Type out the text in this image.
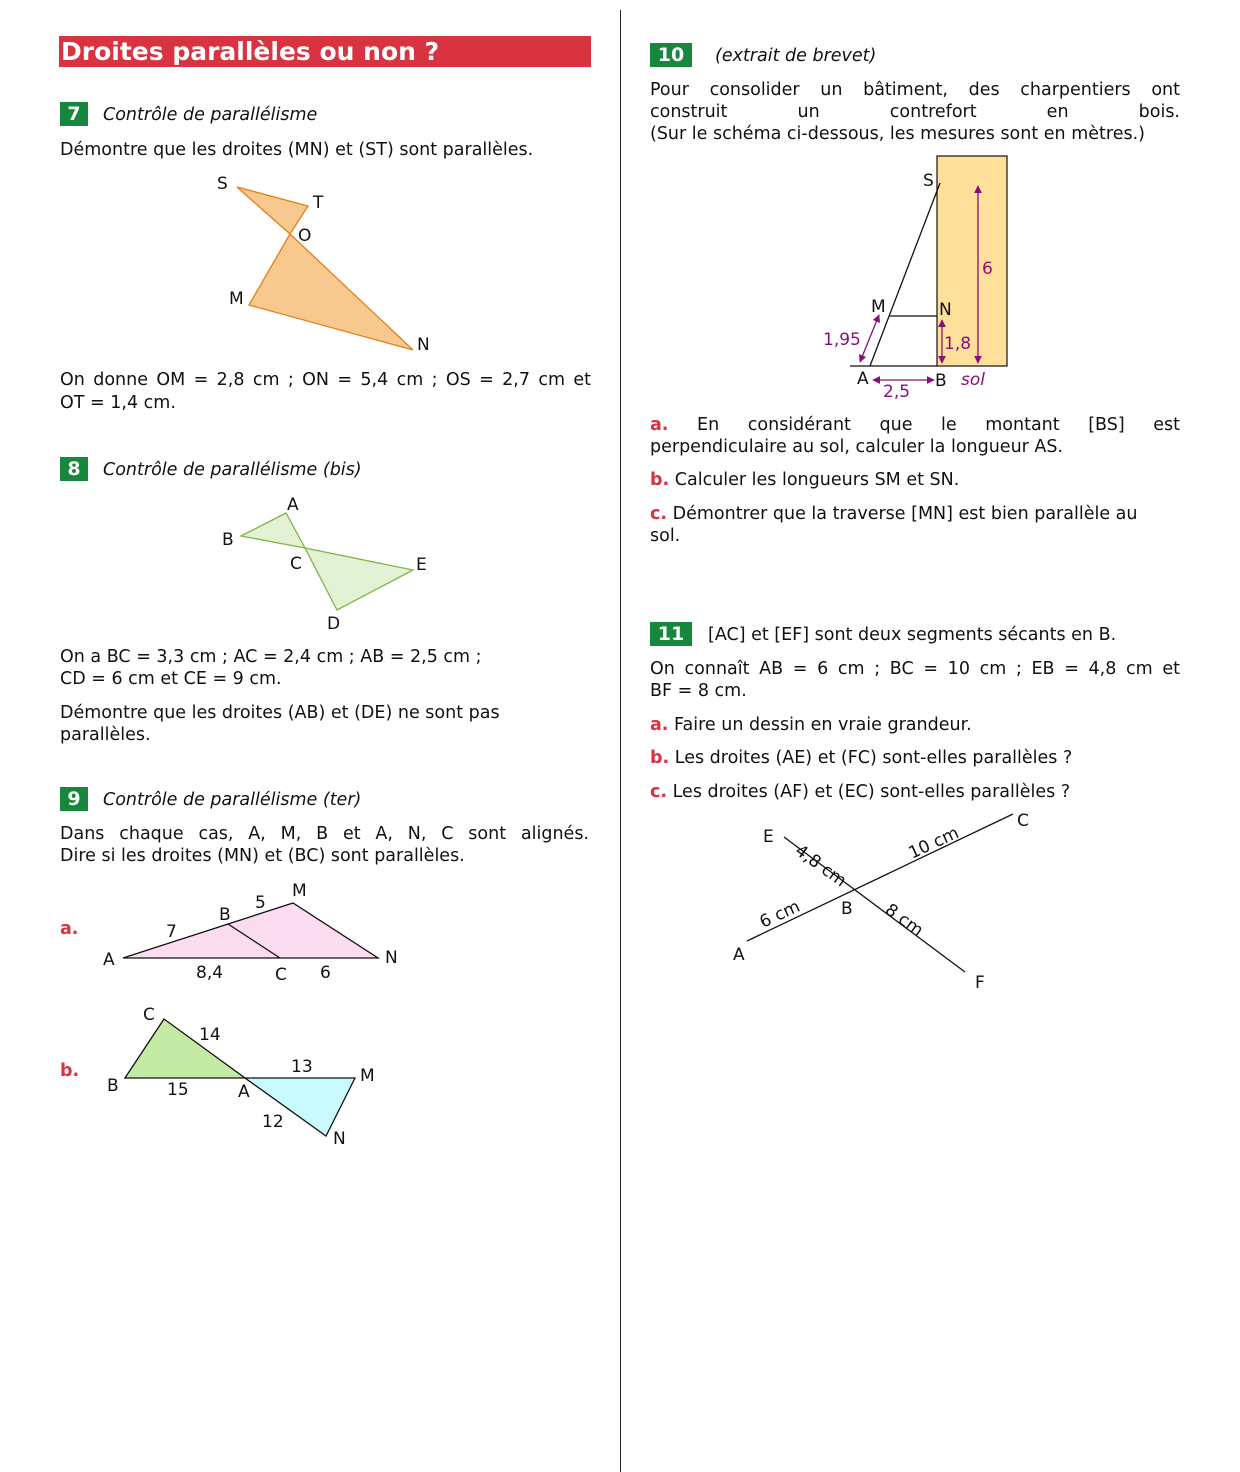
Droites parallèles ou non ?
7	Contrôle de parallélisme
Démontre que les droites (MN) et (ST) sont parallèles.
S
T
O
M
N
On donne OM = 2,8 cm ; ON = 5,4 cm ; OS = 2,7 cm et
OT = 1,4 cm.
8	Contrôle de parallélisme (bis)
A
B
C
D
E
On a BC = 3,3 cm ; AC = 2,4 cm ; AB = 2,5 cm ;
CD = 6 cm et CE = 9 cm.
Démontre que les droites (AB) et (DE) ne sont pas
parallèles.
9	Contrôle de parallélisme (ter)
Dans chaque cas, A, M, B et A, N, C sont alignés.
Dire si les droites (MN) et (BC) sont parallèles.
a.
b.
A
B
M
C
N
7
5
8,4	6
C
B	A
M
N
14
15
13
12
10	(extrait de brevet)
Pour consolider un bâtiment, des charpentiers ont
construit un contrefort en bois.
(Sur le schéma ci-dessous, les mesures sont en mètres.)
S
M	N
A	B sol
6
1,8
1,95
2,5
a. En considérant que le montant [BS] est
perpendiculaire au sol, calculer la longueur AS.
b. Calculer les longueurs SM et SN.
c. Démontrer que la traverse [MN] est bien parallèle au
sol.
11	[AC] et [EF] sont deux segments sécants en B.
On connaît AB = 6 cm ; BC = 10 cm ; EB = 4,8 cm et
BF = 8 cm.
a. Faire un dessin en vraie grandeur.
b. Les droites (AE) et (FC) sont-elles parallèles ?
c. Les droites (AF) et (EC) sont-elles parallèles ?
E
C
B
A
F
4,8 cm	10 cm
6 cm	8 cm
